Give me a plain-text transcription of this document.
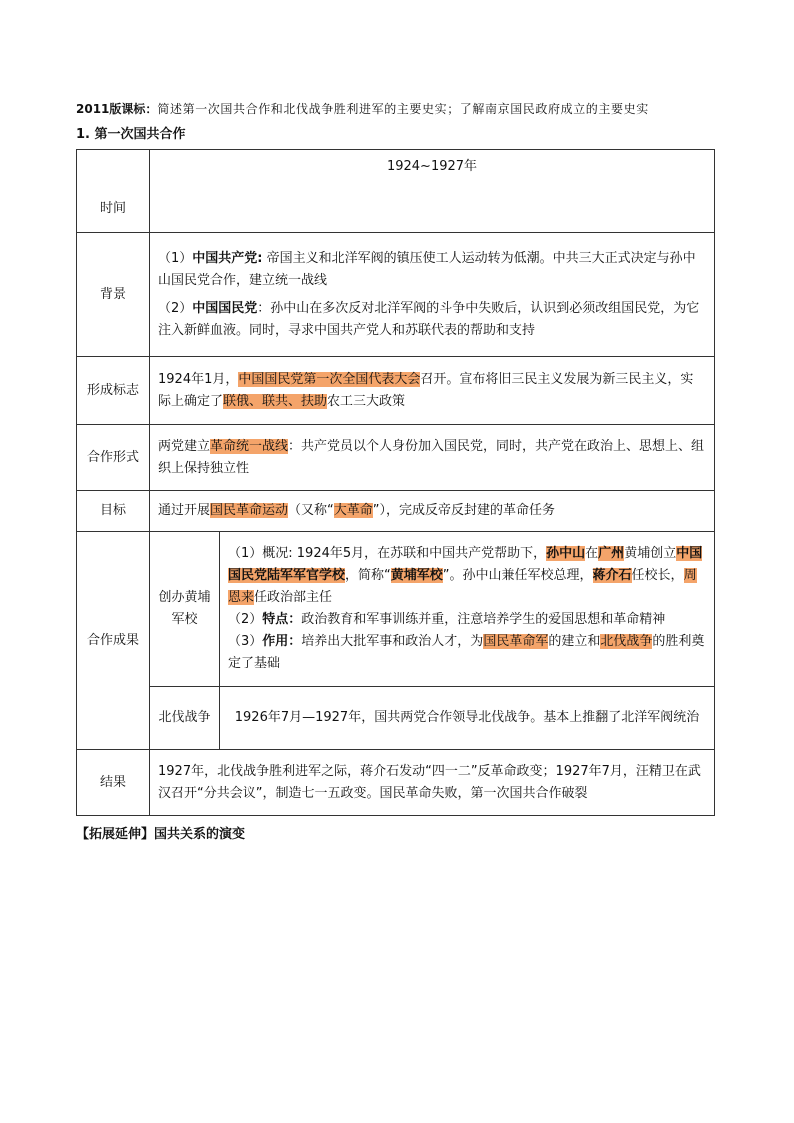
2011版课标：简述第一次国共合作和北伐战争胜利进军的主要史实；了解南京国民政府成立的主要史实
1. 第一次国共合作
时间	1924~1927年	
背景	（1）中国共产党: 帝国主义和北洋军阀的镇压使工人运动转为低潮。中共三大正式决定与孙中山国民党合作，建立统一战线

（2）中国国民党：孙中山在多次反对北洋军阀的斗争中失败后，认识到必须改组国民党，为它注入新鲜血液。同时，寻求中国共产党人和苏联代表的帮助和支持	

形成标志	1924年1月，中国国民党第一次全国代表大会召开。宣布将旧三民主义发展为新三民主义，实际上确定了联俄、联共、扶助农工三大政策	
合作形式	两党建立革命统一战线：共产党员以个人身份加入国民党，同时，共产党在政治上、思想上、组织上保持独立性	
目标	通过开展国民革命运动（又称“大革命”），完成反帝反封建的革命任务	
合作成果	创办黄埔军校	（1）概况: 1924年5月，在苏联和中国共产党帮助下，孙中山在广州黄埔创立中国国民党陆军军官学校，简称“黄埔军校”。孙中山兼任军校总理，蒋介石任校长，周恩来任政治部主任

（2）特点：政治教育和军事训练并重，注意培养学生的爱国思想和革命精神

（3）作用：培养出大批军事和政治人才，为国民革命军的建立和北伐战争的胜利奠定了基础

	北伐战争	1926年7月—1927年，国共两党合作领导北伐战争。基本上推翻了北洋军阀统治
结果	1927年，北伐战争胜利进军之际，蒋介石发动“四一二”反革命政变；1927年7月，汪精卫在武汉召开“分共会议”，制造七一五政变。国民革命失败，第一次国共合作破裂	
【拓展延伸】国共关系的演变
